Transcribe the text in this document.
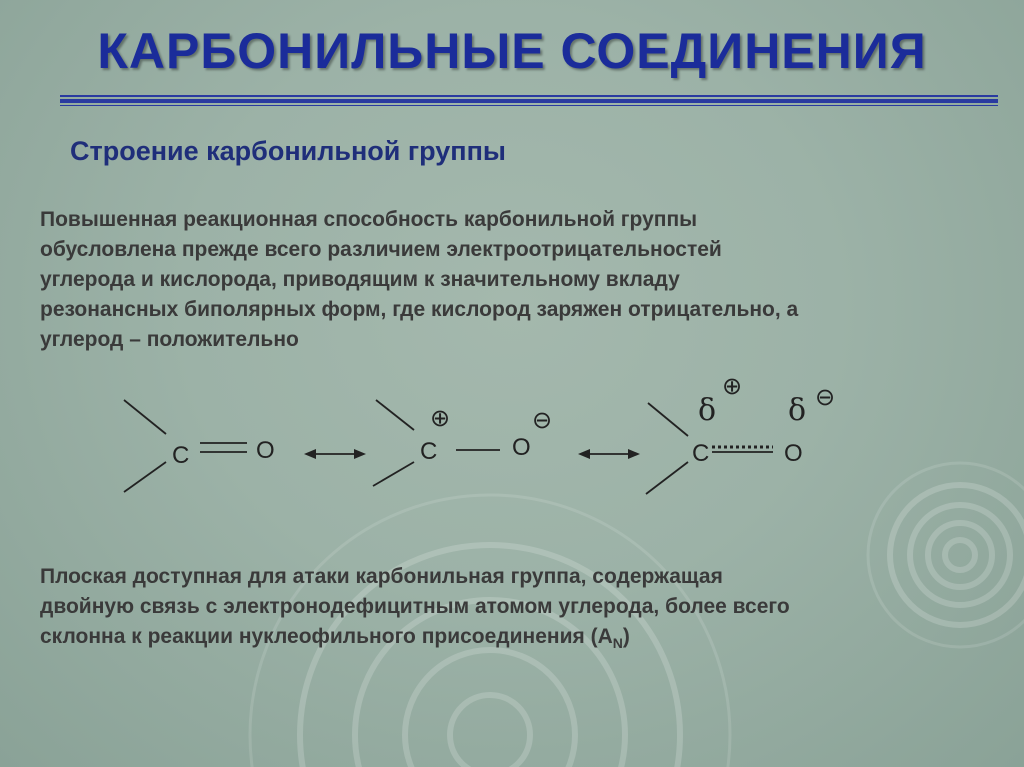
КАРБОНИЛЬНЫЕ СОЕДИНЕНИЯ
Строение карбонильной группы
Повышенная реакционная способность карбонильной группы
обусловлена прежде всего различием электроотрицательностей
углерода и кислорода, приводящим к значительному вкладу
резонансных биполярных форм, где кислород заряжен отрицательно, а
углерод – положительно
C	O	C
⊕
O
⊖
C	O
δ
⊕
δ ⊖
Плоская доступная для атаки карбонильная группа, содержащая
двойную связь с электронодефицитным атомом углерода, более всего
склонна к реакции нуклеофильного присоединения $(A_N)$
